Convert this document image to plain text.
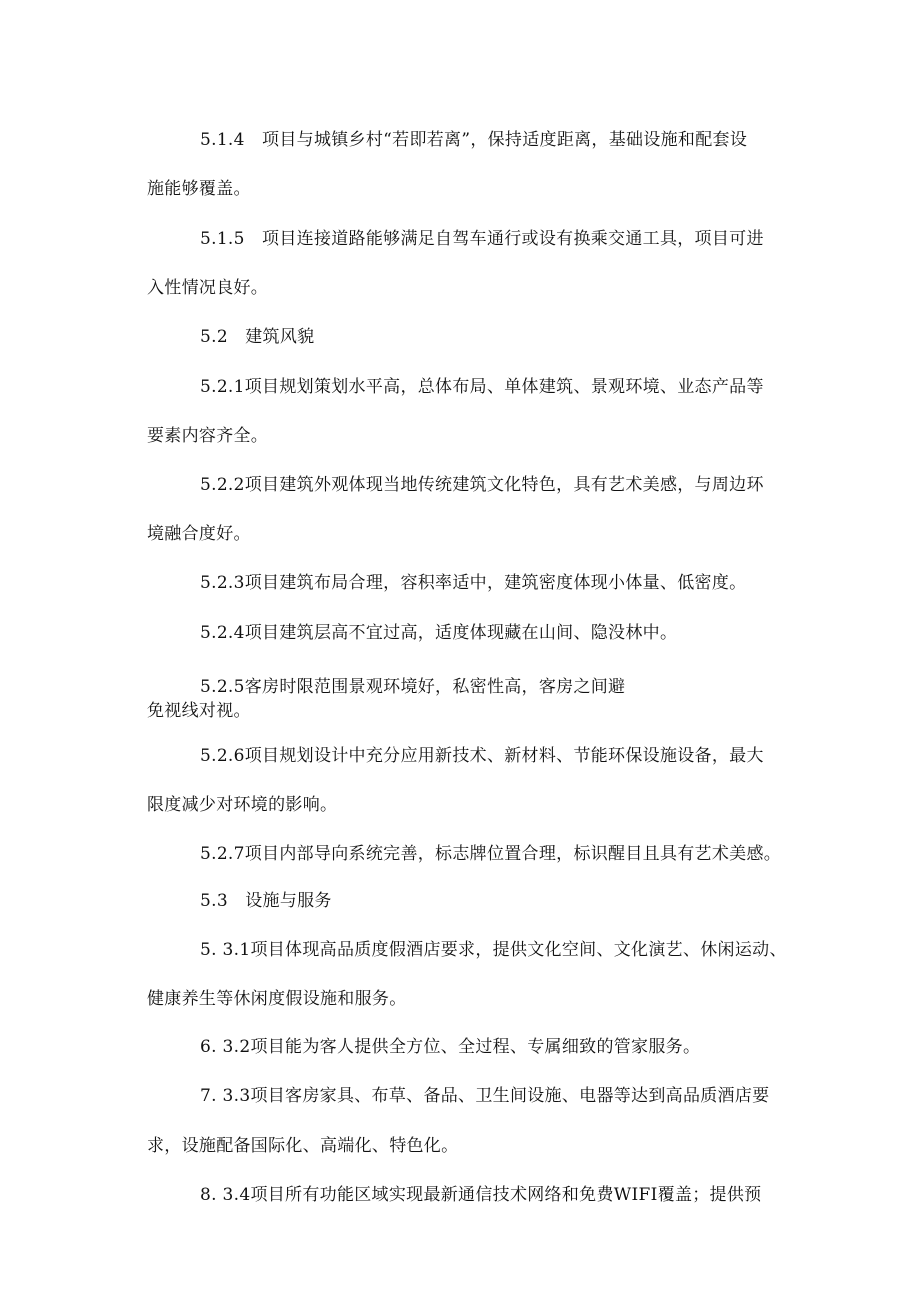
5.1.4　项目与城镇乡村“若即若离”，保持适度距离，基础设施和配套设

施能够覆盖。

5.1.5　项目连接道路能够满足自驾车通行或设有换乘交通工具，项目可进

入性情况良好。

5.2　建筑风貌

5.2.1项目规划策划水平高，总体布局、单体建筑、景观环境、业态产品等

要素内容齐全。

5.2.2项目建筑外观体现当地传统建筑文化特色，具有艺术美感，与周边环

境融合度好。

5.2.3项目建筑布局合理，容积率适中，建筑密度体现小体量、低密度。

5.2.4项目建筑层高不宜过高，适度体现藏在山间、隐没林中。

5.2.5客房时限范围景观环境好，私密性高，客房之间避

免视线对视。

5.2.6项目规划设计中充分应用新技术、新材料、节能环保设施设备，最大

限度减少对环境的影响。

5.2.7项目内部导向系统完善，标志牌位置合理，标识醒目且具有艺术美感。

5.3　设施与服务

5. 3.1项目体现高品质度假酒店要求，提供文化空间、文化演艺、休闲运动、

健康养生等休闲度假设施和服务。

6. 3.2项目能为客人提供全方位、全过程、专属细致的管家服务。

7. 3.3项目客房家具、布草、备品、卫生间设施、电器等达到高品质酒店要

求，设施配备国际化、高端化、特色化。

8. 3.4项目所有功能区域实现最新通信技术网络和免费WIFI覆盖；提供预
